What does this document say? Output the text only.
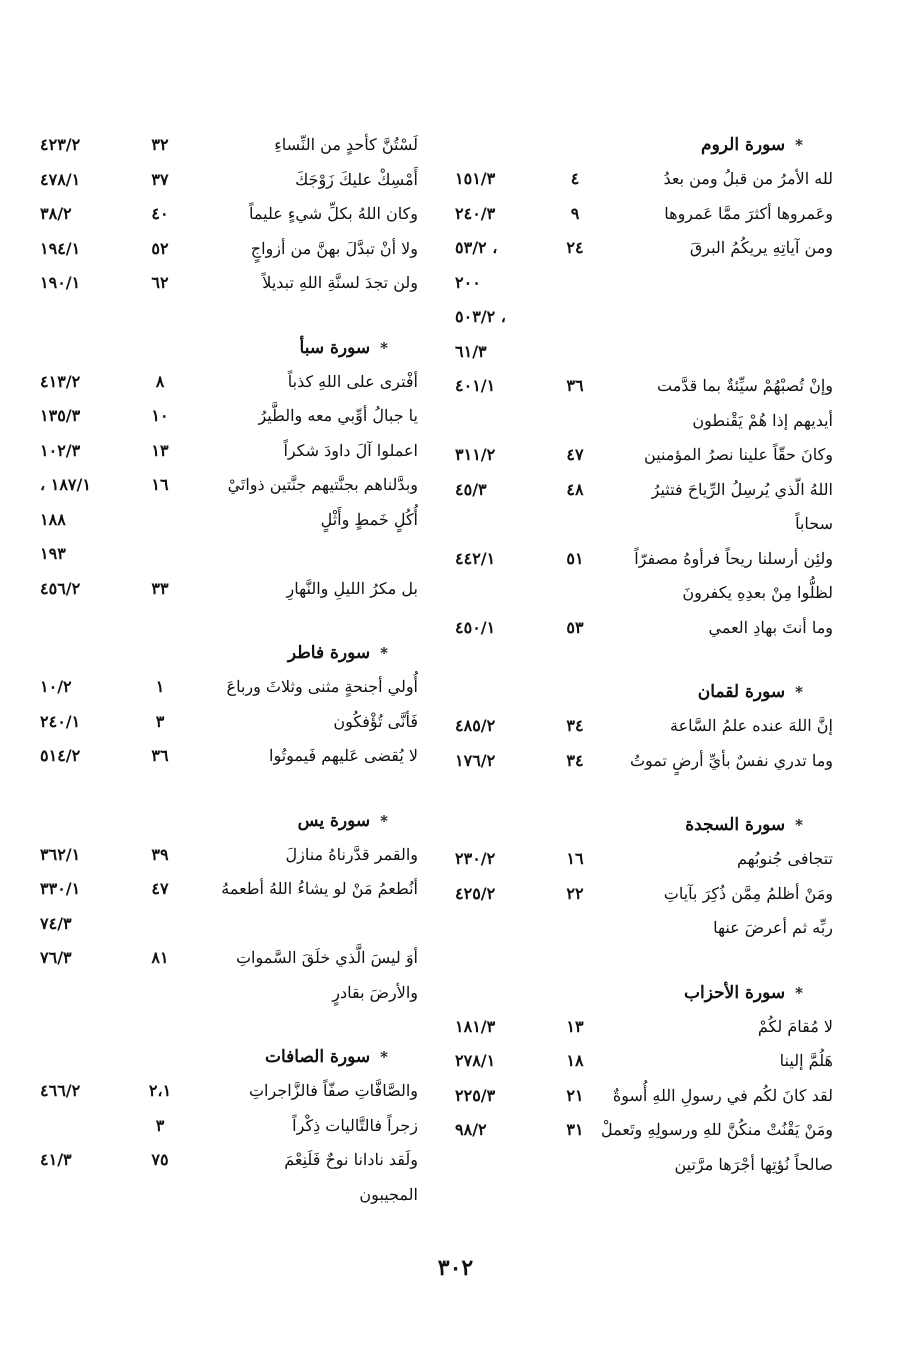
*سورة الروم
لله الأمرُ من قبلُ ومن بعدُ
٤
١٥١/٣
وعَمروها أكثرَ ممَّا عَمروها
٩
٢٤٠/٣
ومن آياتِهِ يريكُمُ البرقَ
٢٤
، ٥٣/٢
٢٠٠
، ٥٠٣/٢
٦١/٣
وإنْ تُصبْهُمْ سيِّئةٌ بما قدَّمت
٣٦
٤٠١/١
أيديهم إذا هُمْ يَقْنطون
وكانَ حقّاً علينا نصرُ المؤمنين
٤٧
٣١١/٢
اللهُ الّذي يُرسِلُ الرِّياحَ فتثيرُ
٤٨
٤٥/٣
سحاباً
ولئِن أرسلنا ريحاً فرأوهُ مصفرّاً
٥١
٤٤٢/١
لظلُّوا مِنْ بعدِهِ يكفرونَ
وما أنتَ بهادِ العمي
٥٣
٤٥٠/١
*سورة لقمان
إنَّ اللهَ عنده علمُ السَّاعة
٣٤
٤٨٥/٢
وما تدري نفسٌ بأيِّ أرضٍ تموتُ
٣٤
١٧٦/٢
*سورة السجدة
تتجافى جُنوبُهم
١٦
٢٣٠/٢
ومَنْ أظلمُ مِمَّن ذُكِرَ بآياتِ
٢٢
٤٢٥/٢
ربِّه ثم أعرضَ عنها
*سورة الأحزاب
لا مُقامَ لكُمْ
١٣
١٨١/٣
هَلُمَّ إلينا
١٨
٢٧٨/١
لقد كانَ لكُم في رسولِ اللهِ أُسوةٌ
٢١
٢٢٥/٣
ومَنْ يَقْنُتْ منكُنَّ للهِ ورسولِهِ وتَعملْ
٣١
٩٨/٢
صالحاً نُؤتِها أجْرَها مرَّتين
لَسْتُنَّ كأحدٍ من النِّساءِ
٣٢
٤٢٣/٢
أَمْسِكْ عليكَ زَوْجَكَ
٣٧
٤٧٨/١
وكان اللهُ بكلِّ شيءٍ عليماً
٤٠
٣٨/٢
ولا أنْ تبدَّلَ بهنَّ من أزواجٍ
٥٢
١٩٤/١
ولن تجدَ لسنَّةِ اللهِ تبديلاً
٦٢
١٩٠/١
*سورة سبأ
أفْترى على اللهِ كذباً
٨
٤١٣/٢
يا جبالُ أوِّبي معه والطَّيرُ
١٠
١٣٥/٣
اعملوا آلَ داودَ شكراً
١٣
١٠٢/٣
وبدَّلناهم بجنَّتيهم جنَّتين ذواتَيْ
١٦
١٨٧/١ ،
أُكُلٍ خَمطٍ وأَثْلٍ
١٨٨
١٩٣
بل مكرُ الليلِ والنَّهارِ
٣٣
٤٥٦/٢
*سورة فاطر
أُولي أجنحةٍ مثنى وثلاثَ ورباعَ
١
١٠/٢
فَأنَّى تُؤْفكُون
٣
٢٤٠/١
لا يُقضى عَليهم فَيموتُوا
٣٦
٥١٤/٢
*سورة يس
والقمر قدَّرناهُ منازلَ
٣٩
٣٦٢/١
أنُطعمُ مَنْ لو يشاءُ اللهُ أطعمهُ
٤٧
٣٣٠/١
٧٤/٣
أوَ ليسَ الَّذي خلَقَ السَّمواتِ
٨١
٧٦/٣
والأرضَ بقادرٍ
*سورة الصافات
والصَّافَّاتِ صفّاً فالزَّاجراتِ
٢،١
٤٦٦/٢
زجراً فالتَّاليات ذِكْراً
٣
ولَقد نادانا نوحٌ فَلَنِعْمَ
٧٥
٤١/٣
المجيبون
٣٠٢
